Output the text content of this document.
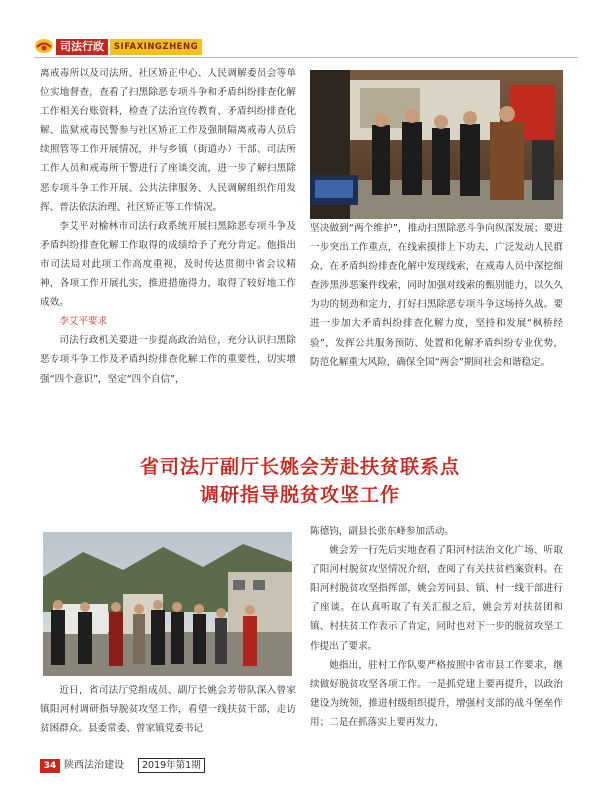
司法行政	SIFAXINGZHENG

离戒毒所以及司法所、社区矫正中心、人民调解委员会等单位实地督查，查看了扫黑除恶专项斗争和矛盾纠纷排查化解工作相关台账资料，检查了法治宣传教育、矛盾纠纷排查化解、监狱戒毒民警参与社区矫正工作及强制隔离戒毒人员后续照管等工作开展情况，并与乡镇（街道办）干部、司法所工作人员和戒毒所干警进行了座谈交流，进一步了解扫黑除恶专项斗争工作开展、公共法律服务、人民调解组织作用发挥、普法依法治理、社区矫正等工作情况。

李艾平对榆林市司法行政系统开展扫黑除恶专项斗争及矛盾纠纷排查化解工作取得的成绩给予了充分肯定。他指出市司法局对此项工作高度重视，及时传达贯彻中省会议精神，各项工作开展扎实，推进措施得力，取得了较好地工作成效。

李艾平要求

司法行政机关要进一步提高政治站位，充分认识扫黑除恶专项斗争工作及矛盾纠纷排查化解工作的重要性，切实增强“四个意识”，坚定“四个自信”，

坚决做到“两个维护”，推动扫黑除恶斗争向纵深发展；要进一步突出工作重点，在线索摸排上下功夫，广泛发动人民群众，在矛盾纠纷排查化解中发现线索，在戒毒人员中深挖细查涉黑涉恶案件线索，同时加强对线索的甄别能力，以久久为功的韧劲和定力，打好扫黑除恶专项斗争这场持久战。要进一步加大矛盾纠纷排查化解力度，坚持和发展“枫桥经验”，发挥公共服务预防、处置和化解矛盾纠纷专业优势，防范化解重大风险，确保全国“两会”期间社会和谐稳定。

省司法厅副厅长姚会芳赴扶贫联系点
调研指导脱贫攻坚工作

近日，省司法厅党组成员、副厅长姚会芳带队深入曾家镇阳河村调研指导脱贫攻坚工作，看望一线扶贫干部，走访贫困群众。县委常委、曾家镇党委书记

陈德钧，副县长张东峰参加活动。

姚会芳一行先后实地查看了阳河村法治文化广场、听取了阳河村脱贫攻坚情况介绍，查阅了有关扶贫档案资料。在阳河村脱贫攻坚指挥部，姚会芳同县、镇、村一线干部进行了座谈。在认真听取了有关汇报之后，姚会芳对扶贫团和镇、村扶贫工作表示了肯定，同时也对下一步的脱贫攻坚工作提出了要求。

她指出，驻村工作队要严格按照中省市县工作要求，继续做好脱贫攻坚各项工作。一是抓党建上要再提升，以政治建设为统领，推进村级组织提升，增强村支部的战斗堡垒作用；二是在抓落实上要再发力，

34 陕西法治建设	2019年第1期
